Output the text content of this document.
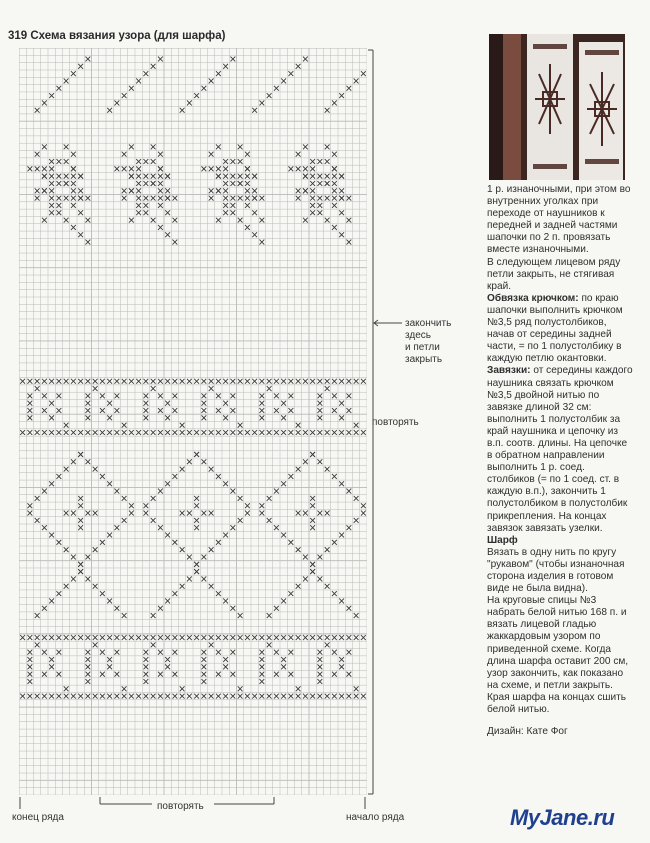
319 Схема вязания узора (для шарфа)
закончить
здесь
и петли
закрыть
повторять
повторять
конец ряда	начало ряда

1 р. изнаночными, при этом во внутренних уголках при переходе от наушников к передней и задней частями шапочки по 2 п. провязать вместе изнаночными.

В следующем лицевом ряду петли закрыть, не стягивая край.

Обвязка крючком: по краю шапочки выполнить крючком №3,5 ряд полустолбиков, начав от середины задней части, = по 1 полустолбику в каждую петлю окантовки.

Завязки: от середины каждого наушника связать крючком №3,5 двойной нитью по завязке длиной 32 см: выполнить 1 полустолбик за край наушника и цепочку из в.п. соотв. длины. На цепочке в обратном направлении выполнить 1 р. соед. столбиков (= по 1 соед. ст. в каждую в.п.), закончить 1 полустолбиком в полустолбик прикрепления. На концах завязок завязать узелки.

Шарф

Вязать в одну нить по кругу "рукавом" (чтобы изнаночная сторона изделия в готовом виде не была видна).

На круговые спицы №3 набрать белой нитью 168 п. и вязать лицевой гладью жаккардовым узором по приведенной схеме. Когда длина шарфа оставит 200 см, узор закончить, как показано на схеме, и петли закрыть. Края шарфа на концах сшить белой нитью.

Дизайн: Кате Фог

MyJane.ru
